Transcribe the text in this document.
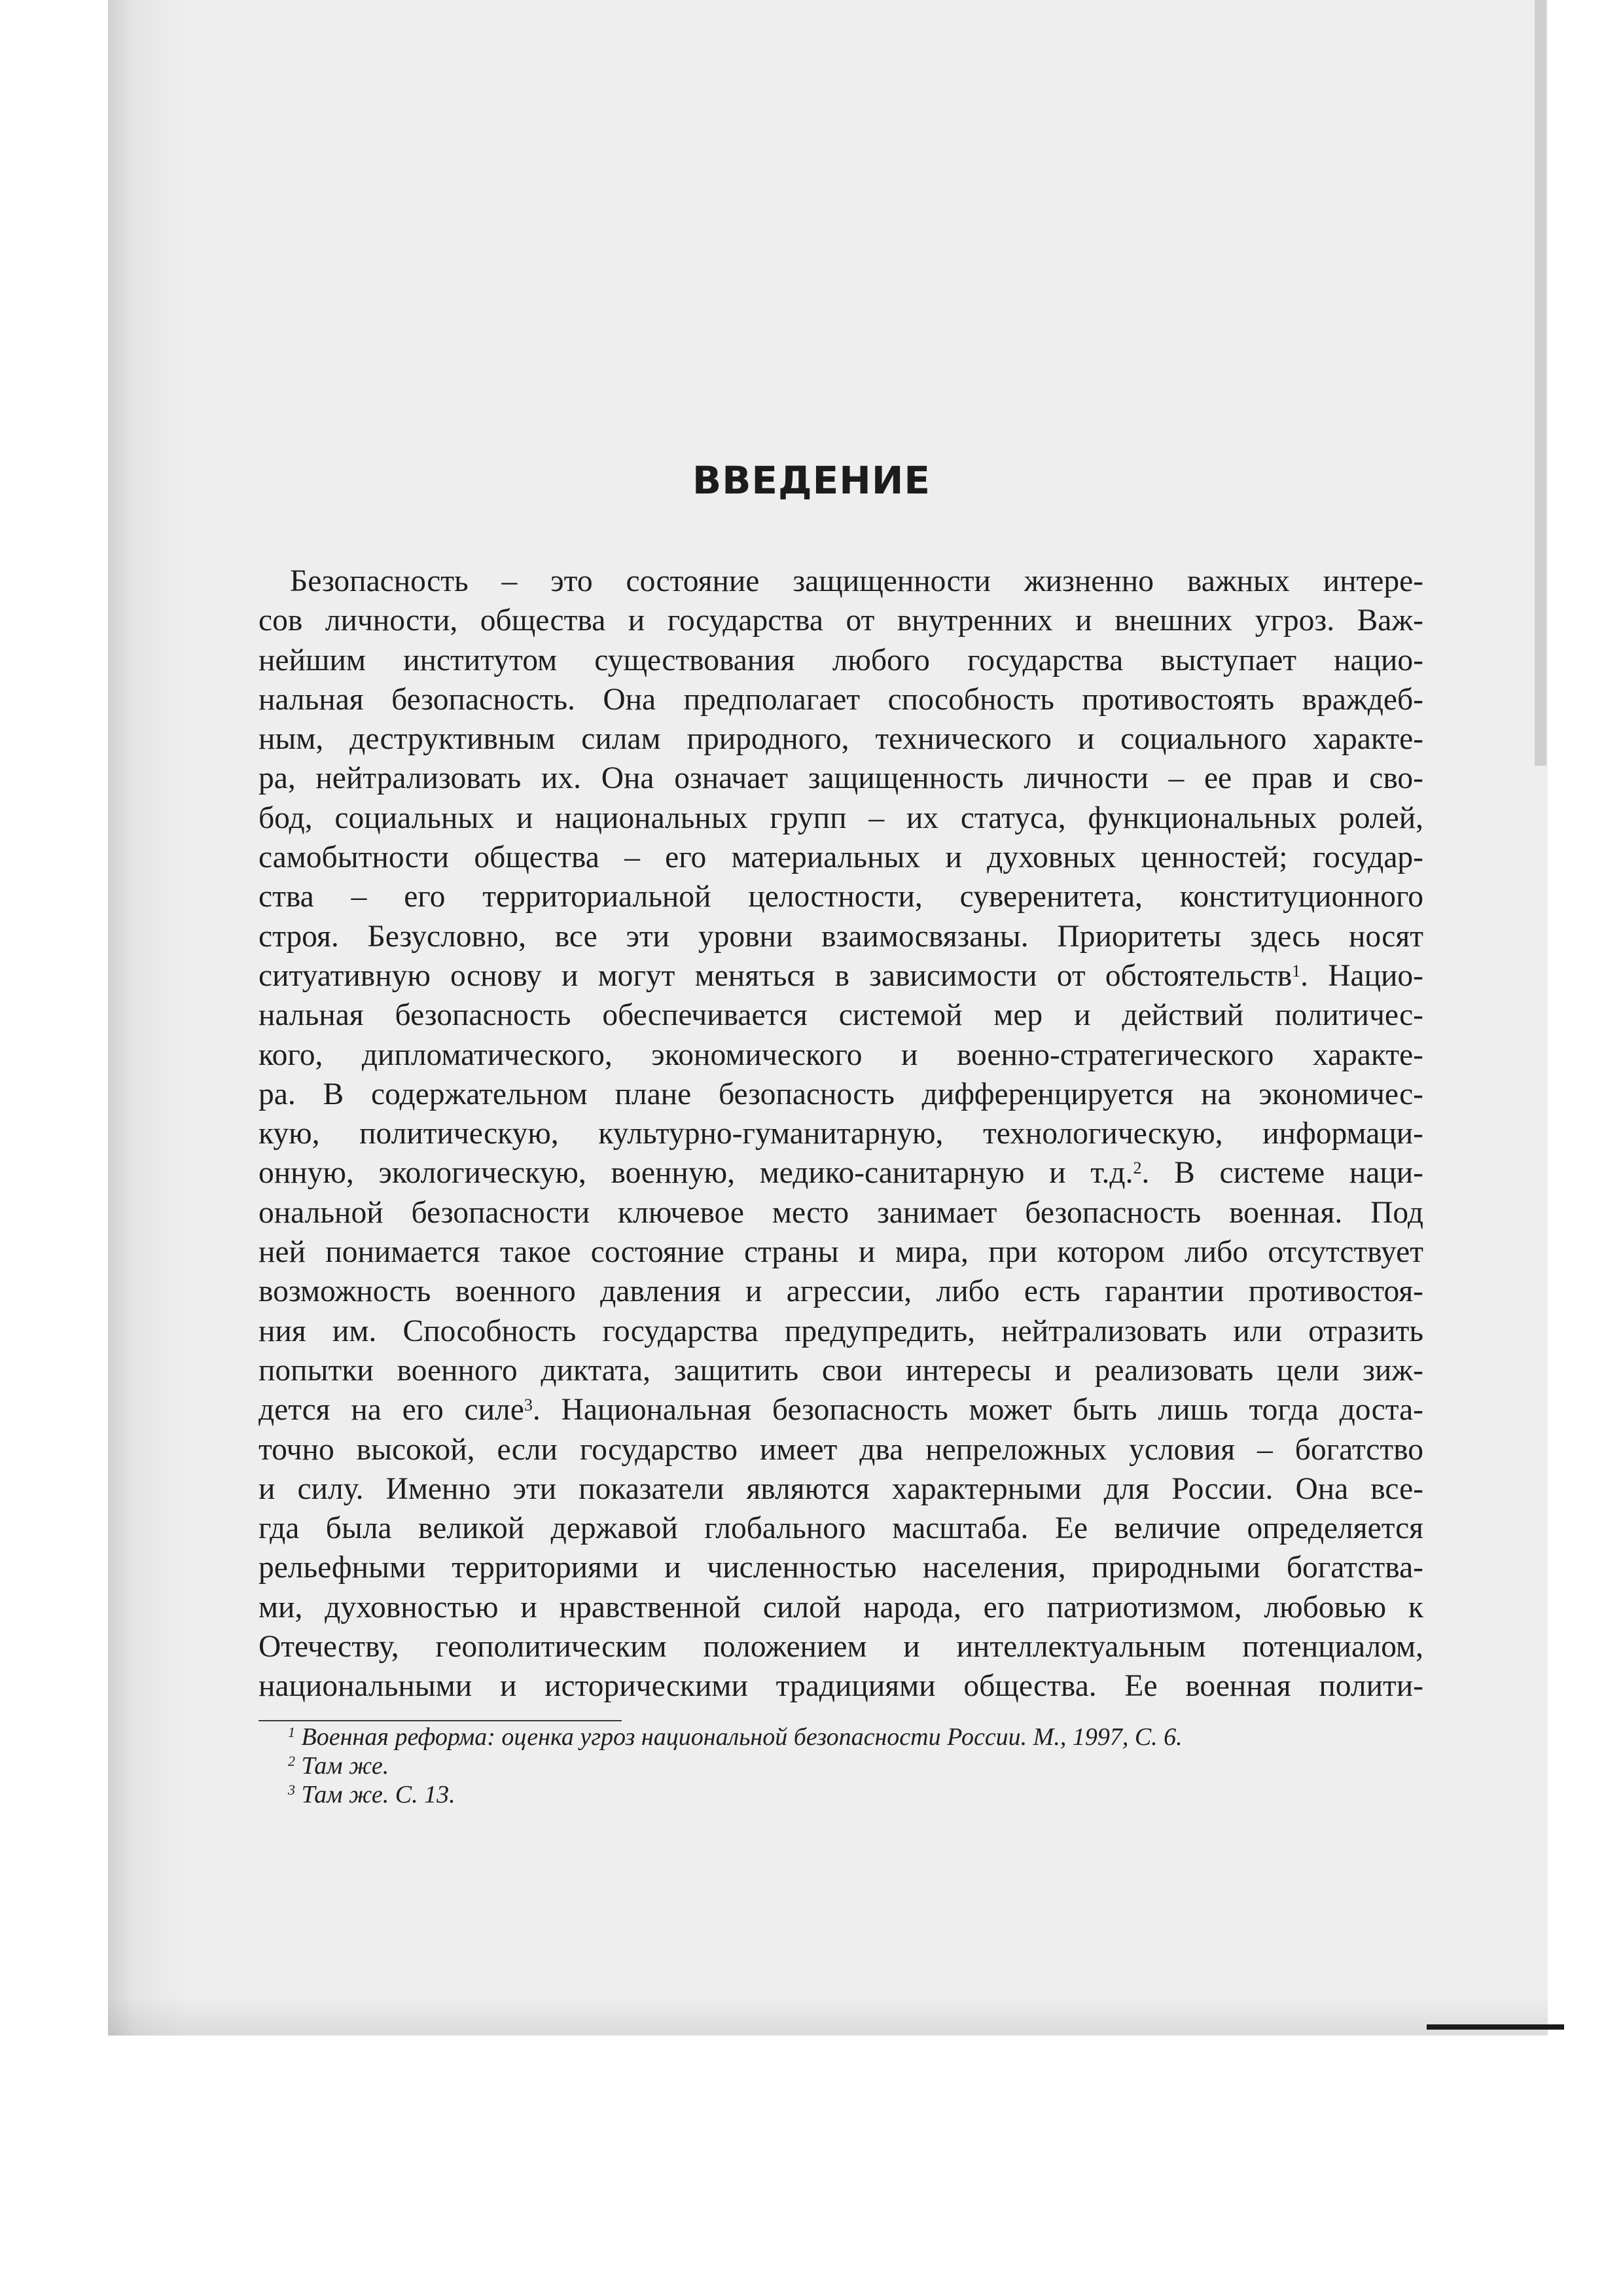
ВВЕДЕНИЕ
Безопасность – это состояние защищенности жизненно важных интере-
сов личности, общества и государства от внутренних и внешних угроз. Важ-
нейшим институтом существования любого государства выступает нацио-
нальная безопасность. Она предполагает способность противостоять враждеб-
ным, деструктивным силам природного, технического и социального характе-
ра, нейтрализовать их. Она означает защищенность личности – ее прав и сво-
бод, социальных и национальных групп – их статуса, функциональных ролей,
самобытности общества – его материальных и духовных ценностей; государ-
ства – его территориальной целостности, суверенитета, конституционного
строя. Безусловно, все эти уровни взаимосвязаны. Приоритеты здесь носят
ситуативную основу и могут меняться в зависимости от обстоятельств$^1$. Нацио-
нальная безопасность обеспечивается системой мер и действий политичес-
кого, дипломатического, экономического и военно-стратегического характе-
ра. В содержательном плане безопасность дифференцируется на экономичес-
кую, политическую, культурно-гуманитарную, технологическую, информаци-
онную, экологическую, военную, медико-санитарную и т.д.$^2$. В системе наци-
ональной безопасности ключевое место занимает безопасность военная. Под
ней понимается такое состояние страны и мира, при котором либо отсутствует
возможность военного давления и агрессии, либо есть гарантии противостоя-
ния им. Способность государства предупредить, нейтрализовать или отразить
попытки военного диктата, защитить свои интересы и реализовать цели зиж-
дется на его силе$^3$. Национальная безопасность может быть лишь тогда доста-
точно высокой, если государство имеет два непреложных условия – богатство
и силу. Именно эти показатели являются характерными для России. Она все-
гда была великой державой глобального масштаба. Ее величие определяется
рельефными территориями и численностью населения, природными богатства-
ми, духовностью и нравственной силой народа, его патриотизмом, любовью к
Отечеству, геополитическим положением и интеллектуальным потенциалом,
национальными и историческими традициями общества. Ее военная полити-
$^1$ Военная реформа: оценка угроз национальной безопасности России. М., 1997, С. 6.
$^2$ Там же.
$^3$ Там же. С. 13.
